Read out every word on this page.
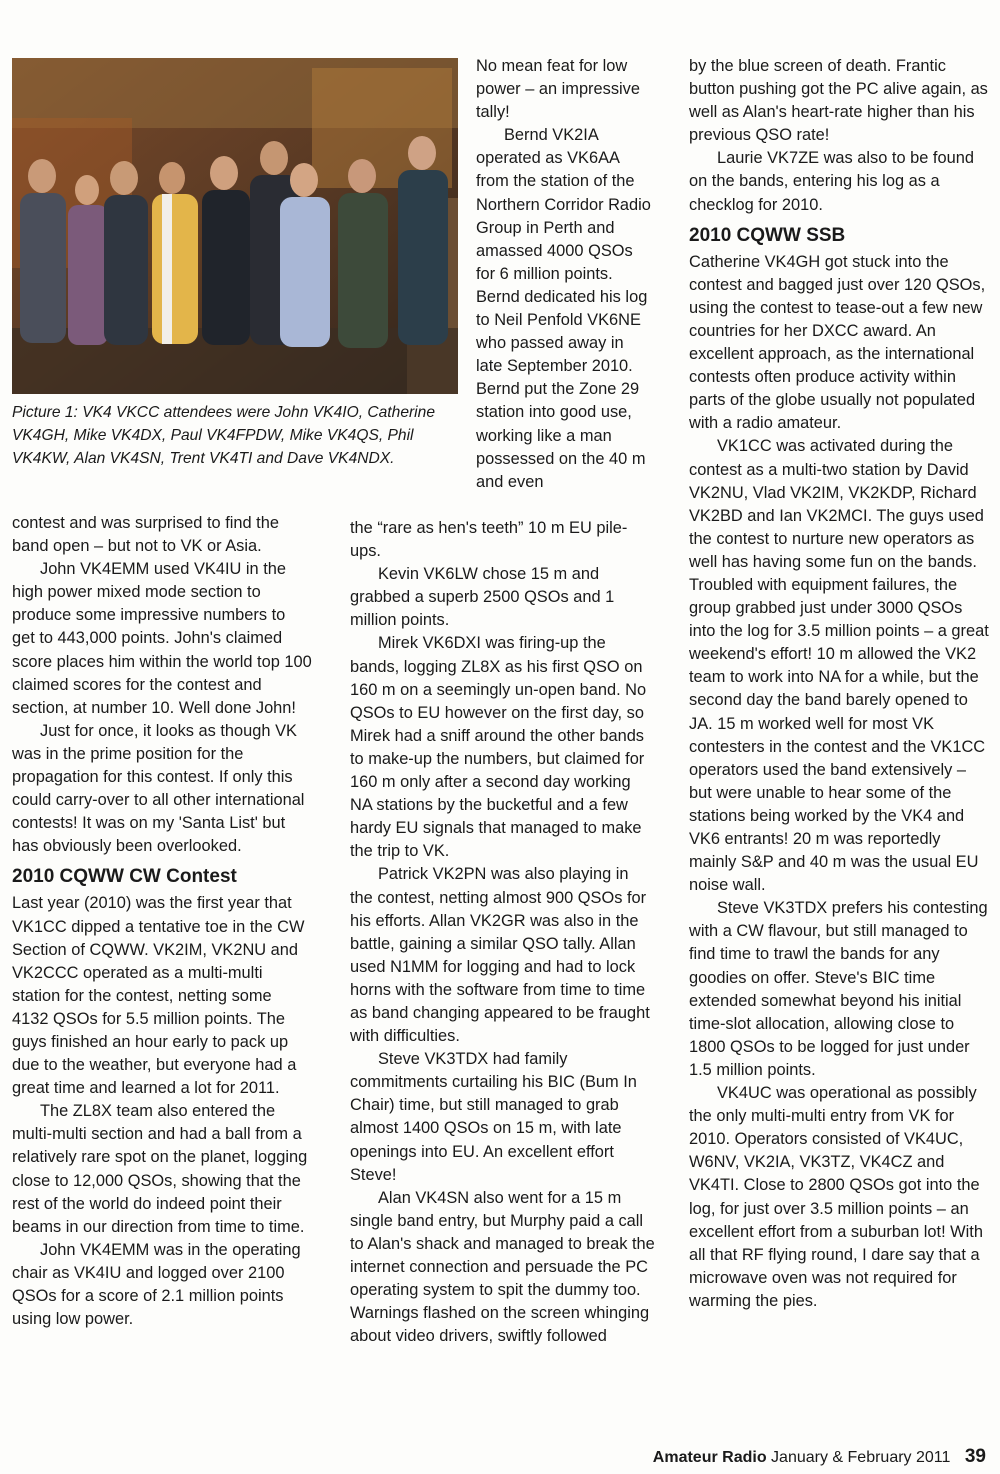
Picture 1: VK4 VKCC attendees were John VK4IO, Catherine VK4GH, Mike VK4DX, Paul VK4FPDW, Mike VK4QS, Phil VK4KW, Alan VK4SN, Trent VK4TI and Dave VK4NDX.

contest and was surprised to find the band open – but not to VK or Asia.

John VK4EMM used VK4IU in the high power mixed mode section to produce some impressive numbers to get to 443,000 points. John's claimed score places him within the world top 100 claimed scores for the contest and section, at number 10. Well done John!

Just for once, it looks as though VK was in the prime position for the propagation for this contest. If only this could carry-over to all other international contests! It was on my 'Santa List' but has obviously been overlooked.

2010 CQWW CW Contest

Last year (2010) was the first year that VK1CC dipped a tentative toe in the CW Section of CQWW. VK2IM, VK2NU and VK2CCC operated as a multi-multi station for the contest, netting some 4132 QSOs for 5.5 million points. The guys finished an hour early to pack up due to the weather, but everyone had a great time and learned a lot for 2011.

The ZL8X team also entered the multi-multi section and had a ball from a relatively rare spot on the planet, logging close to 12,000 QSOs, showing that the rest of the world do indeed point their beams in our direction from time to time.

John VK4EMM was in the operating chair as VK4IU and logged over 2100 QSOs for a score of 2.1 million points using low power.

No mean feat for low power – an impressive tally!

Bernd VK2IA operated as VK6AA from the station of the Northern Corridor Radio Group in Perth and amassed 4000 QSOs for 6 million points. Bernd dedicated his log to Neil Penfold VK6NE who passed away in late September 2010. Bernd put the Zone 29 station into good use, working like a man possessed on the 40 m and even

the “rare as hen's teeth” 10 m EU pile-ups.

Kevin VK6LW chose 15 m and grabbed a superb 2500 QSOs and 1 million points.

Mirek VK6DXI was firing-up the bands, logging ZL8X as his first QSO on 160 m on a seemingly un-open band. No QSOs to EU however on the first day, so Mirek had a sniff around the other bands to make-up the numbers, but claimed for 160 m only after a second day working NA stations by the bucketful and a few hardy EU signals that managed to make the trip to VK.

Patrick VK2PN was also playing in the contest, netting almost 900 QSOs for his efforts. Allan VK2GR was also in the battle, gaining a similar QSO tally. Allan used N1MM for logging and had to lock horns with the software from time to time as band changing appeared to be fraught with difficulties.

Steve VK3TDX had family commitments curtailing his BIC (Bum In Chair) time, but still managed to grab almost 1400 QSOs on 15 m, with late openings into EU. An excellent effort Steve!

Alan VK4SN also went for a 15 m single band entry, but Murphy paid a call to Alan's shack and managed to break the internet connection and persuade the PC operating system to spit the dummy too. Warnings flashed on the screen whinging about video drivers, swiftly followed

by the blue screen of death. Frantic button pushing got the PC alive again, as well as Alan's heart-rate higher than his previous QSO rate!

Laurie VK7ZE was also to be found on the bands, entering his log as a checklog for 2010.

2010 CQWW SSB

Catherine VK4GH got stuck into the contest and bagged just over 120 QSOs, using the contest to tease-out a few new countries for her DXCC award. An excellent approach, as the international contests often produce activity within parts of the globe usually not populated with a radio amateur.

VK1CC was activated during the contest as a multi-two station by David VK2NU, Vlad VK2IM, VK2KDP, Richard VK2BD and Ian VK2MCI. The guys used the contest to nurture new operators as well has having some fun on the bands. Troubled with equipment failures, the group grabbed just under 3000 QSOs into the log for 3.5 million points – a great weekend's effort! 10 m allowed the VK2 team to work into NA for a while, but the second day the band barely opened to JA. 15 m worked well for most VK contesters in the contest and the VK1CC operators used the band extensively – but were unable to hear some of the stations being worked by the VK4 and VK6 entrants! 20 m was reportedly mainly S&P and 40 m was the usual EU noise wall.

Steve VK3TDX prefers his contesting with a CW flavour, but still managed to find time to trawl the bands for any goodies on offer. Steve's BIC time extended somewhat beyond his initial time-slot allocation, allowing close to 1800 QSOs to be logged for just under 1.5 million points.

VK4UC was operational as possibly the only multi-multi entry from VK for 2010. Operators consisted of VK4UC, W6NV, VK2IA, VK3TZ, VK4CZ and VK4TI. Close to 2800 QSOs got into the log, for just over 3.5 million points – an excellent effort from a suburban lot! With all that RF flying round, I dare say that a microwave oven was not required for warming the pies.

Amateur Radio January & February 2011 39
